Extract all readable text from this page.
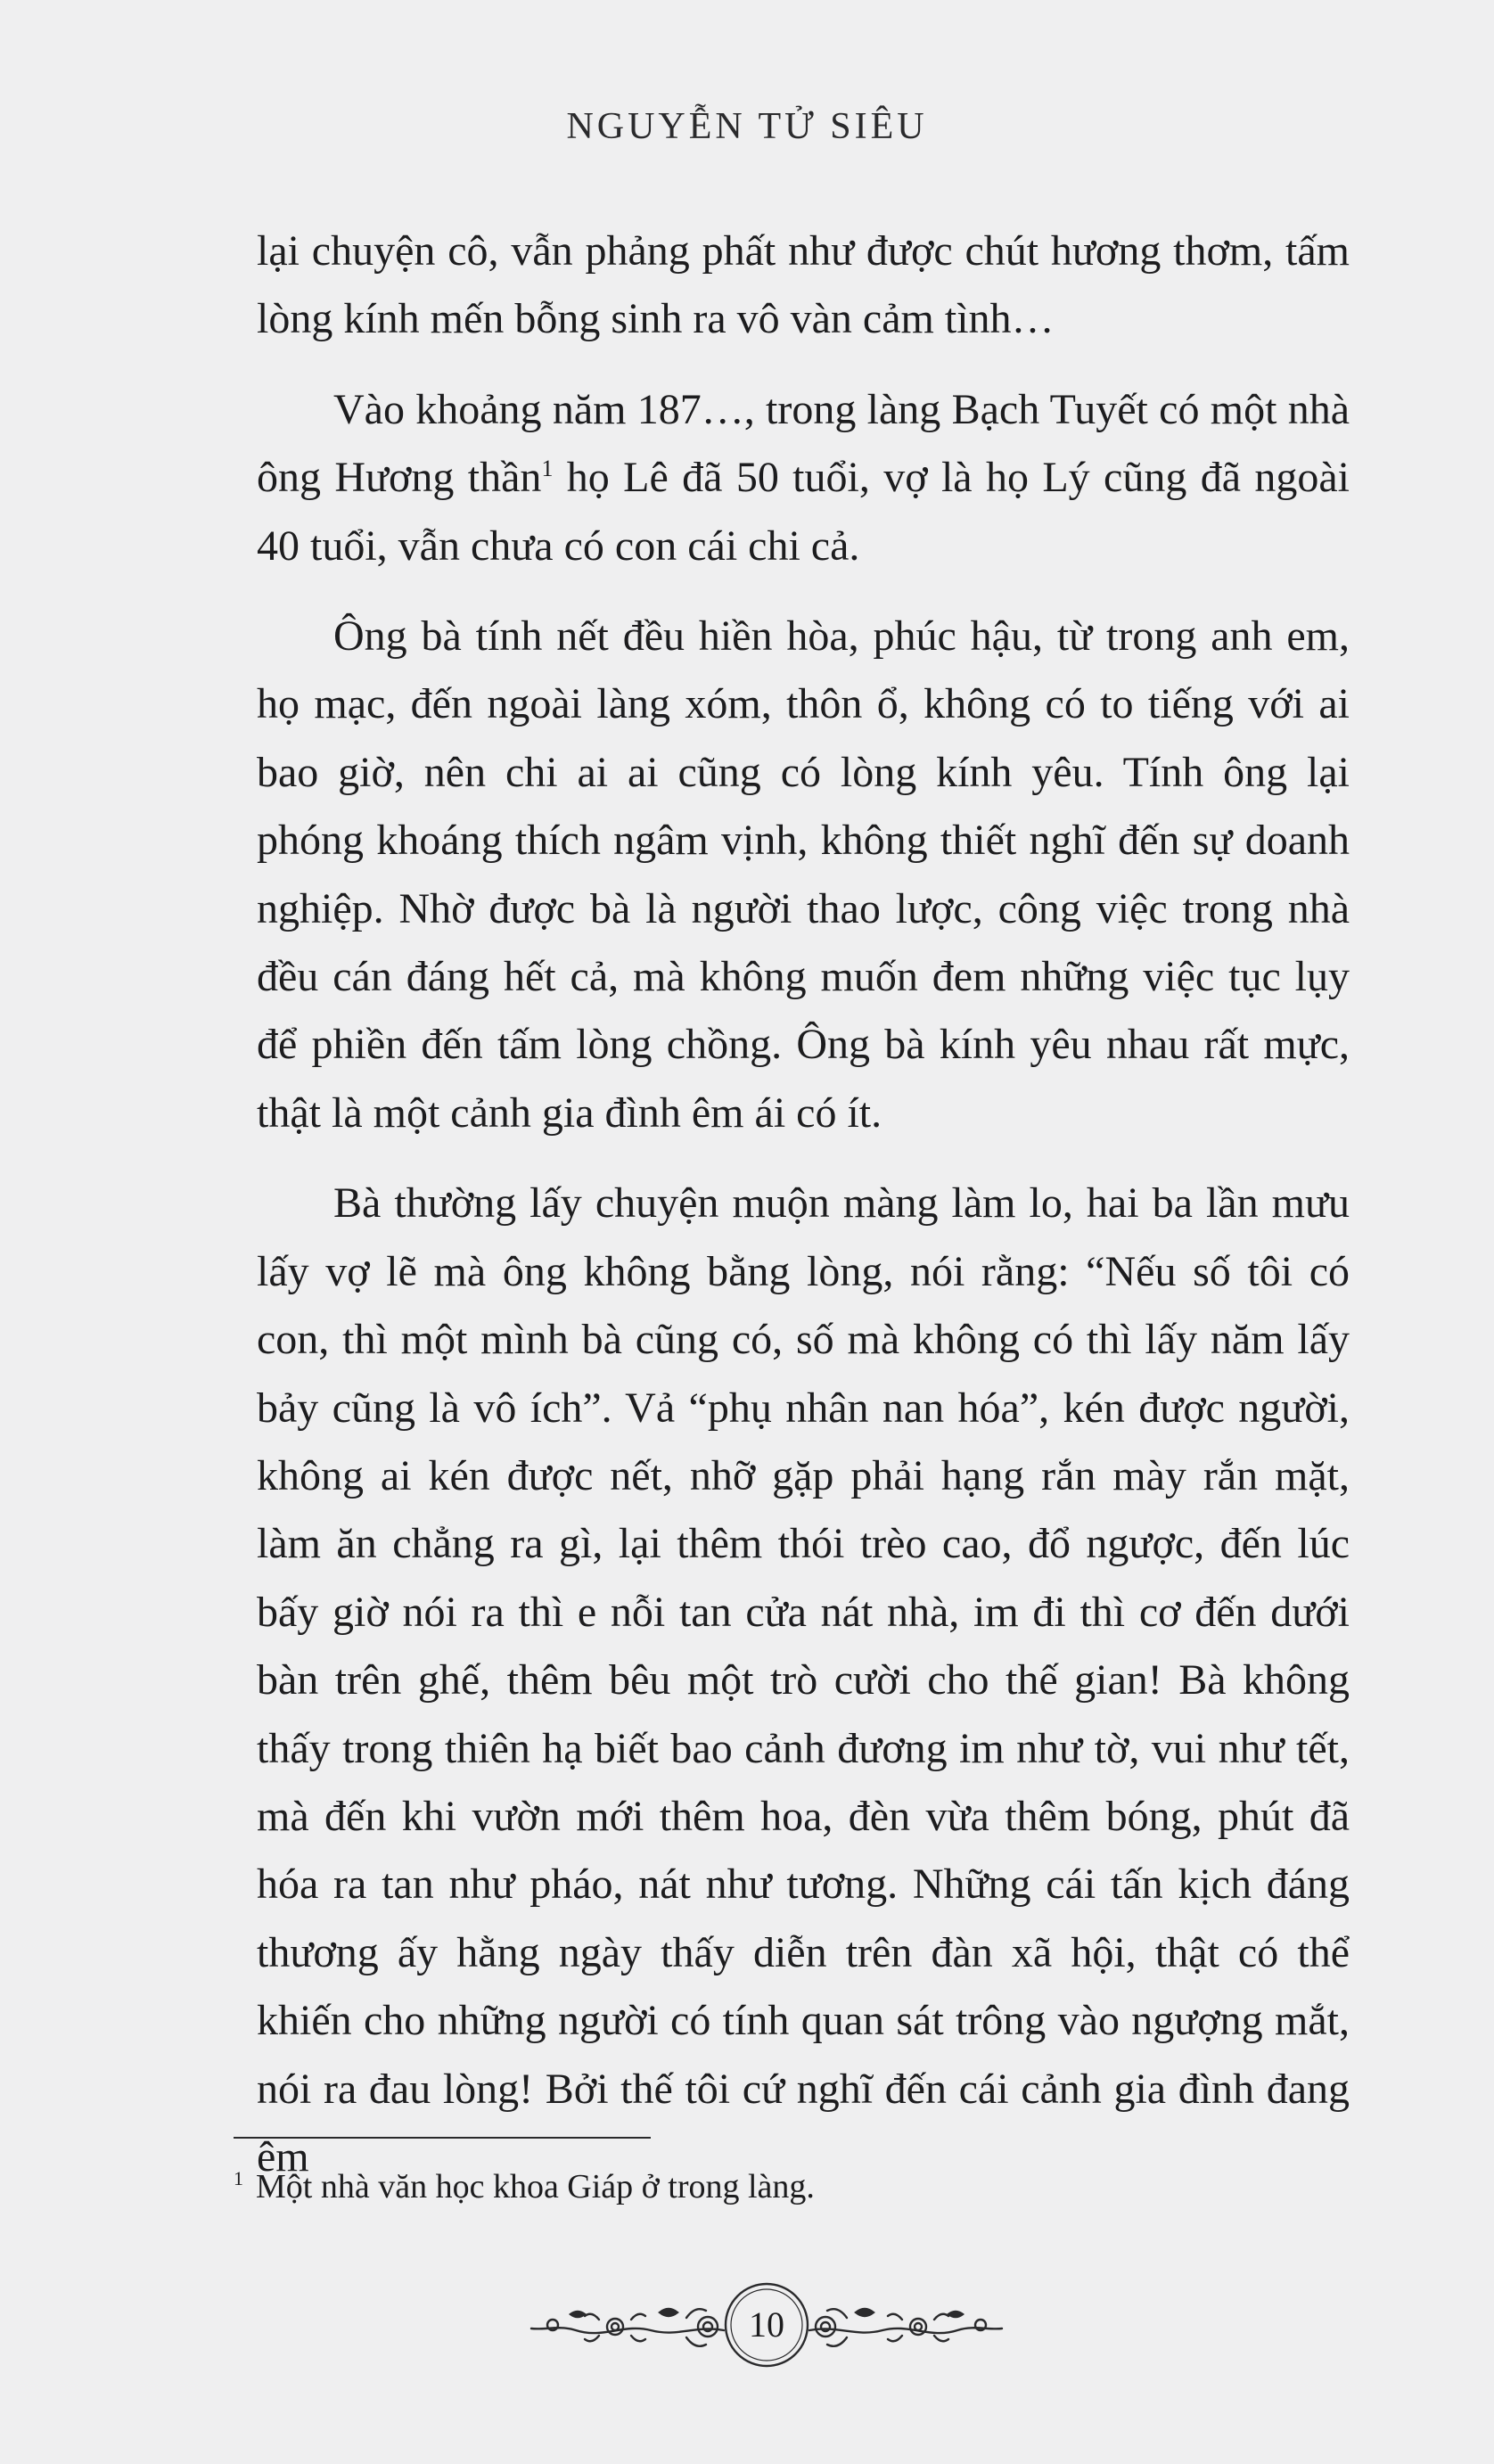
NGUYỄN TỬ SIÊU

lại chuyện cô, vẫn phảng phất như được chút hương thơm, tấm lòng kính mến bỗng sinh ra vô vàn cảm tình…

Vào khoảng năm 187…, trong làng Bạch Tuyết có một nhà ông Hương thần$^1$ họ Lê đã 50 tuổi, vợ là họ Lý cũng đã ngoài 40 tuổi, vẫn chưa có con cái chi cả.

Ông bà tính nết đều hiền hòa, phúc hậu, từ trong anh em, họ mạc, đến ngoài làng xóm, thôn ổ, không có to tiếng với ai bao giờ, nên chi ai ai cũng có lòng kính yêu. Tính ông lại phóng khoáng thích ngâm vịnh, không thiết nghĩ đến sự doanh nghiệp. Nhờ được bà là người thao lược, công việc trong nhà đều cán đáng hết cả, mà không muốn đem những việc tục lụy để phiền đến tấm lòng chồng. Ông bà kính yêu nhau rất mực, thật là một cảnh gia đình êm ái có ít.

Bà thường lấy chuyện muộn màng làm lo, hai ba lần mưu lấy vợ lẽ mà ông không bằng lòng, nói rằng: “Nếu số tôi có con, thì một mình bà cũng có, số mà không có thì lấy năm lấy bảy cũng là vô ích”. Vả “phụ nhân nan hóa”, kén được người, không ai kén được nết, nhỡ gặp phải hạng rắn mày rắn mặt, làm ăn chẳng ra gì, lại thêm thói trèo cao, đổ ngược, đến lúc bấy giờ nói ra thì e nỗi tan cửa nát nhà, im đi thì cơ đến dưới bàn trên ghế, thêm bêu một trò cười cho thế gian! Bà không thấy trong thiên hạ biết bao cảnh đương im như tờ, vui như tết, mà đến khi vườn mới thêm hoa, đèn vừa thêm bóng, phút đã hóa ra tan như pháo, nát như tương. Những cái tấn kịch đáng thương ấy hằng ngày thấy diễn trên đàn xã hội, thật có thể khiến cho những người có tính quan sát trông vào ngượng mắt, nói ra đau lòng! Bởi thế tôi cứ nghĩ đến cái cảnh gia đình đang êm

$^1$ Một nhà văn học khoa Giáp ở trong làng.
10
